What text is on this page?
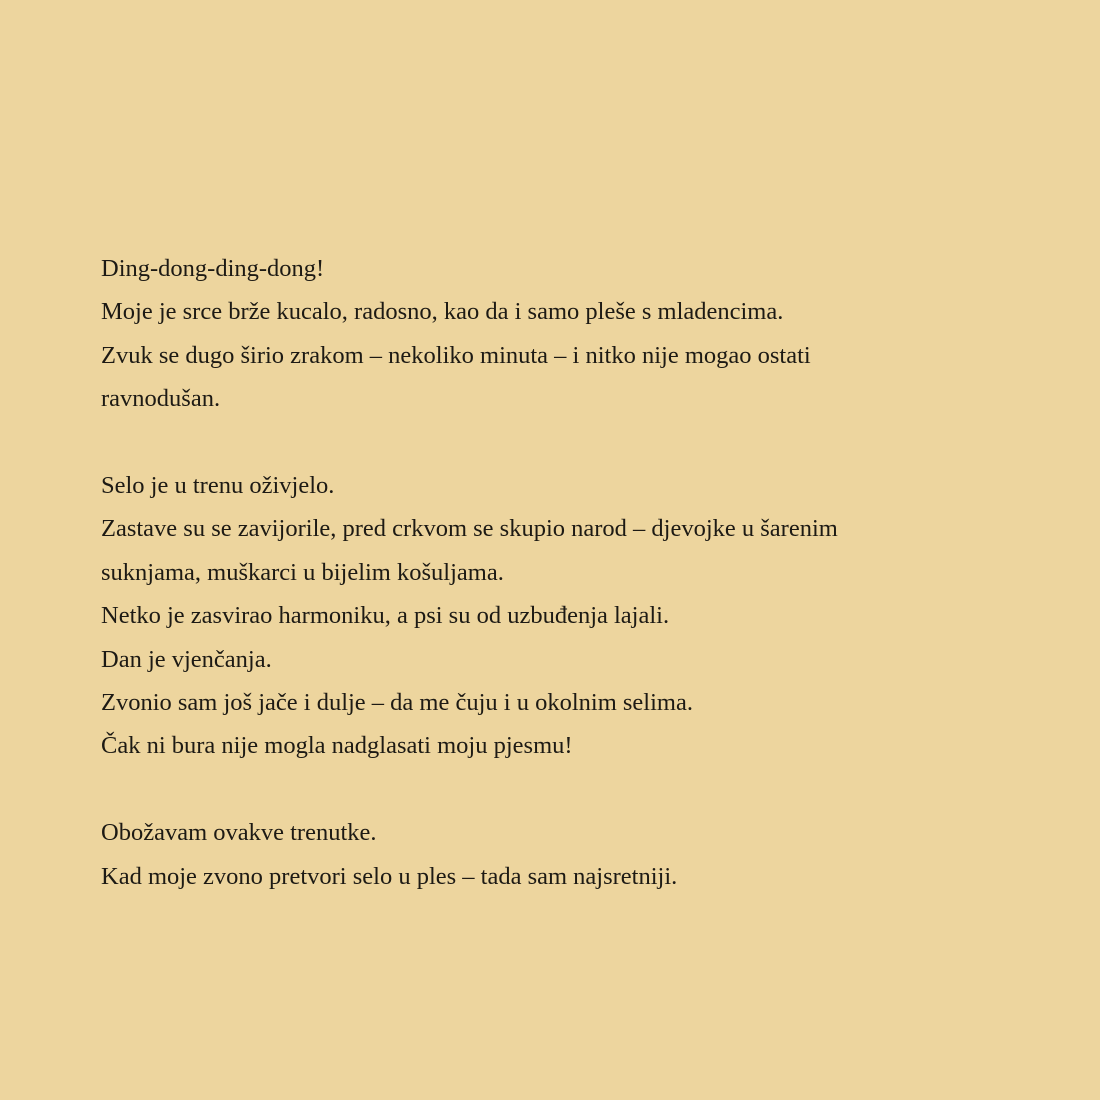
Ding-dong-ding-dong!
Moje je srce brže kucalo, radosno, kao da i samo pleše s mladencima.
Zvuk se dugo širio zrakom – nekoliko minuta – i nitko nije mogao ostati
ravnodušan.

Selo je u trenu oživjelo.
Zastave su se zavijorile, pred crkvom se skupio narod – djevojke u šarenim
suknjama, muškarci u bijelim košuljama.
Netko je zasvirao harmoniku, a psi su od uzbuđenja lajali.
Dan je vjenčanja.
Zvonio sam još jače i dulje – da me čuju i u okolnim selima.
Čak ni bura nije mogla nadglasati moju pjesmu!

Obožavam ovakve trenutke.
Kad moje zvono pretvori selo u ples – tada sam najsretniji.
